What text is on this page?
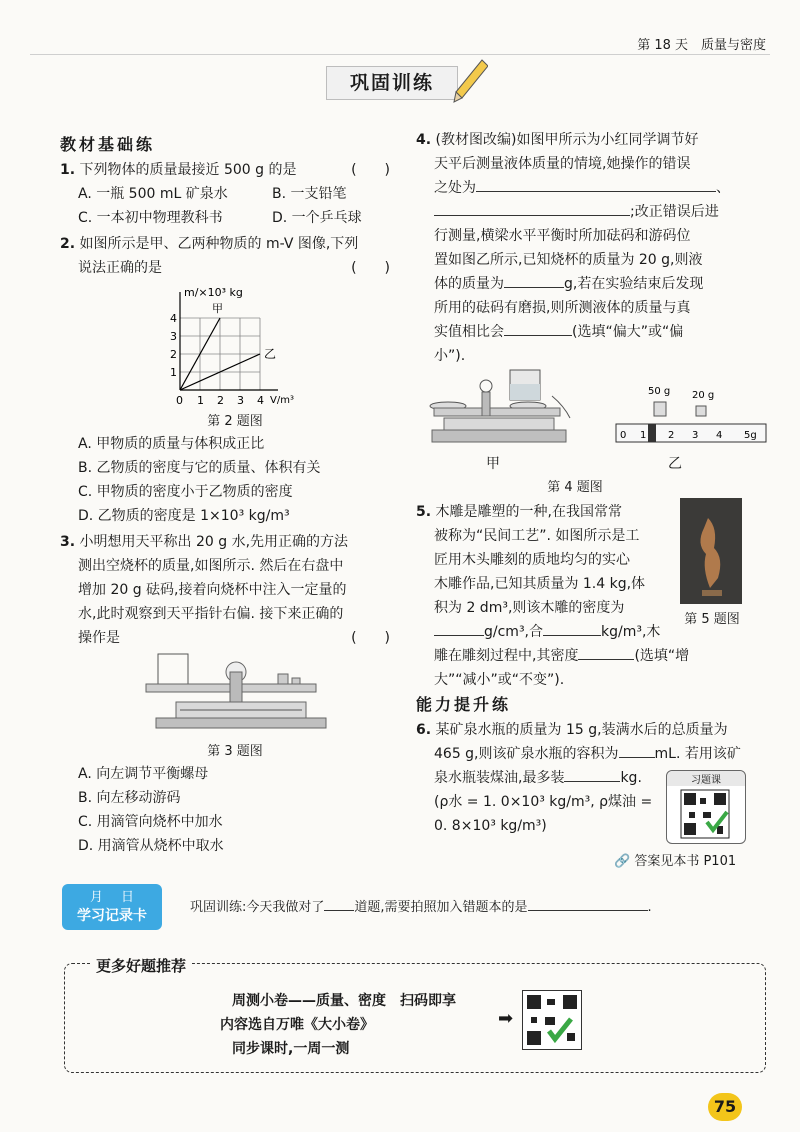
第 18 天　质量与密度
巩固训练
教材基础练
1. 下列物体的质量最接近 500 g 的是	(　　)
A. 一瓶 500 mL 矿泉水	B. 一支铅笔
C. 一本初中物理教科书	D. 一个乒乓球
2. 如图所示是甲、乙两种物质的 m-V 图像,下列
说法正确的是	(　　)
m/×10³ kg
甲
乙
1
2
3
4
0 1 2 3 4 V/m³
第 2 题图
A. 甲物质的质量与体积成正比
B. 乙物质的密度与它的质量、体积有关
C. 甲物质的密度小于乙物质的密度
D. 乙物质的密度是 1×10³ kg/m³
3. 小明想用天平称出 20 g 水,先用正确的方法
测出空烧杯的质量,如图所示. 然后在右盘中
增加 20 g 砝码,接着向烧杯中注入一定量的
水,此时观察到天平指针右偏. 接下来正确的
操作是	(　　)
第 3 题图
A. 向左调节平衡螺母
B. 向左移动游码
C. 用滴管向烧杯中加水
D. 用滴管从烧杯中取水
4. (教材图改编)如图甲所示为小红同学调节好
天平后测量液体质量的情境,她操作的错误
之处为	、
;改正错误后进
行测量,横梁水平平衡时所加砝码和游码位
置如图乙所示,已知烧杯的质量为 20 g,则液
体的质量为	g,若在实验结束后发现
所用的砝码有磨损,则所测液体的质量与真
实值相比会	(选填“偏大”或“偏
小”).
甲
50 g 20 g
0 1 2 3 4 5g
乙
第 4 题图
5. 木雕是雕塑的一种,在我国常常
被称为“民间工艺”. 如图所示是工
匠用木头雕刻的质地均匀的实心
木雕作品,已知其质量为 1.4 kg,体
积为 2 dm³,则该木雕的密度为
g/cm³,合	kg/m³,木
雕在雕刻过程中,其密度	(选填“增
大”“减小”或“不变”).
第 5 题图
能力提升练
6. 某矿泉水瓶的质量为 15 g,装满水后的总质量为
465 g,则该矿泉水瓶的容积为	mL. 若用该矿
泉水瓶装煤油,最多装	kg.
(ρ水 = 1. 0×10³ kg/m³, ρ煤油 =
0. 8×10³ kg/m³)
习题课
🔗 答案见本书 P101
月日
学习记录卡
巩固训练:今天我做对了 道题,需要拍照加入错题本的是	.
更多好题推荐
周测小卷——质量、密度　扫码即享
内容选自万唯《大小卷》
同步课时,一周一测
➡
75
